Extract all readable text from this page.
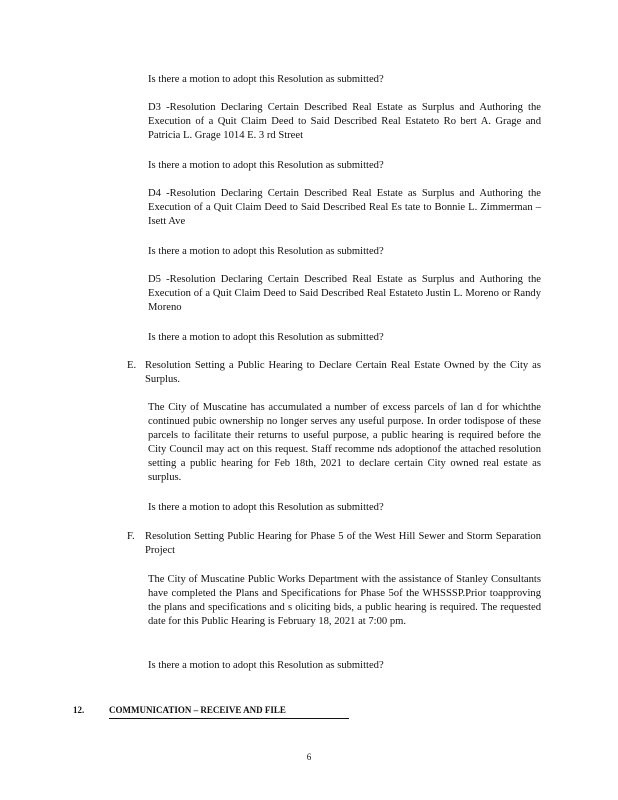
Is there a motion to adopt this Resolution as submitted?

D3 -Resolution Declaring Certain Described Real Estate as Surplus and Authoring the Execution of a Quit Claim Deed to Said Described Real Estateto Ro bert A. Grage and Patricia L. Grage 1014 E. 3 rd Street

Is there a motion to adopt this Resolution as submitted?

D4 -Resolution Declaring Certain Described Real Estate as Surplus and Authoring the Execution of a Quit Claim Deed to Said Described Real Es tate to Bonnie L. Zimmerman –Isett Ave

Is there a motion to adopt this Resolution as submitted?

D5 -Resolution Declaring Certain Described Real Estate as Surplus and Authoring the Execution of a Quit Claim Deed to Said Described Real Estateto Justin L. Moreno or Randy Moreno

Is there a motion to adopt this Resolution as submitted?

E. Resolution Setting a Public Hearing to Declare Certain Real Estate Owned by the City as Surplus.

The City of Muscatine has accumulated a number of excess parcels of lan d for whichthe continued pubic ownership no longer serves any useful purpose. In order todispose of these parcels to facilitate their returns to useful purpose, a public hearing is required before the City Council may act on this request. Staff recomme nds adoptionof the attached resolution setting a public hearing for Feb 18th, 2021 to declare certain City owned real estate as surplus.

Is there a motion to adopt this Resolution as submitted?

F. Resolution Setting Public Hearing for Phase 5 of the West Hill Sewer and Storm Separation Project

The City of Muscatine Public Works Department with the assistance of Stanley Consultants have completed the Plans and Specifications for Phase 5of the WHSSSP.Prior toapproving the plans and specifications and s oliciting bids, a public hearing is required. The requested date for this Public Hearing is February 18, 2021 at 7:00 pm.

Is there a motion to adopt this Resolution as submitted?

12.	COMMUNICATION – RECEIVE AND FILE
6
